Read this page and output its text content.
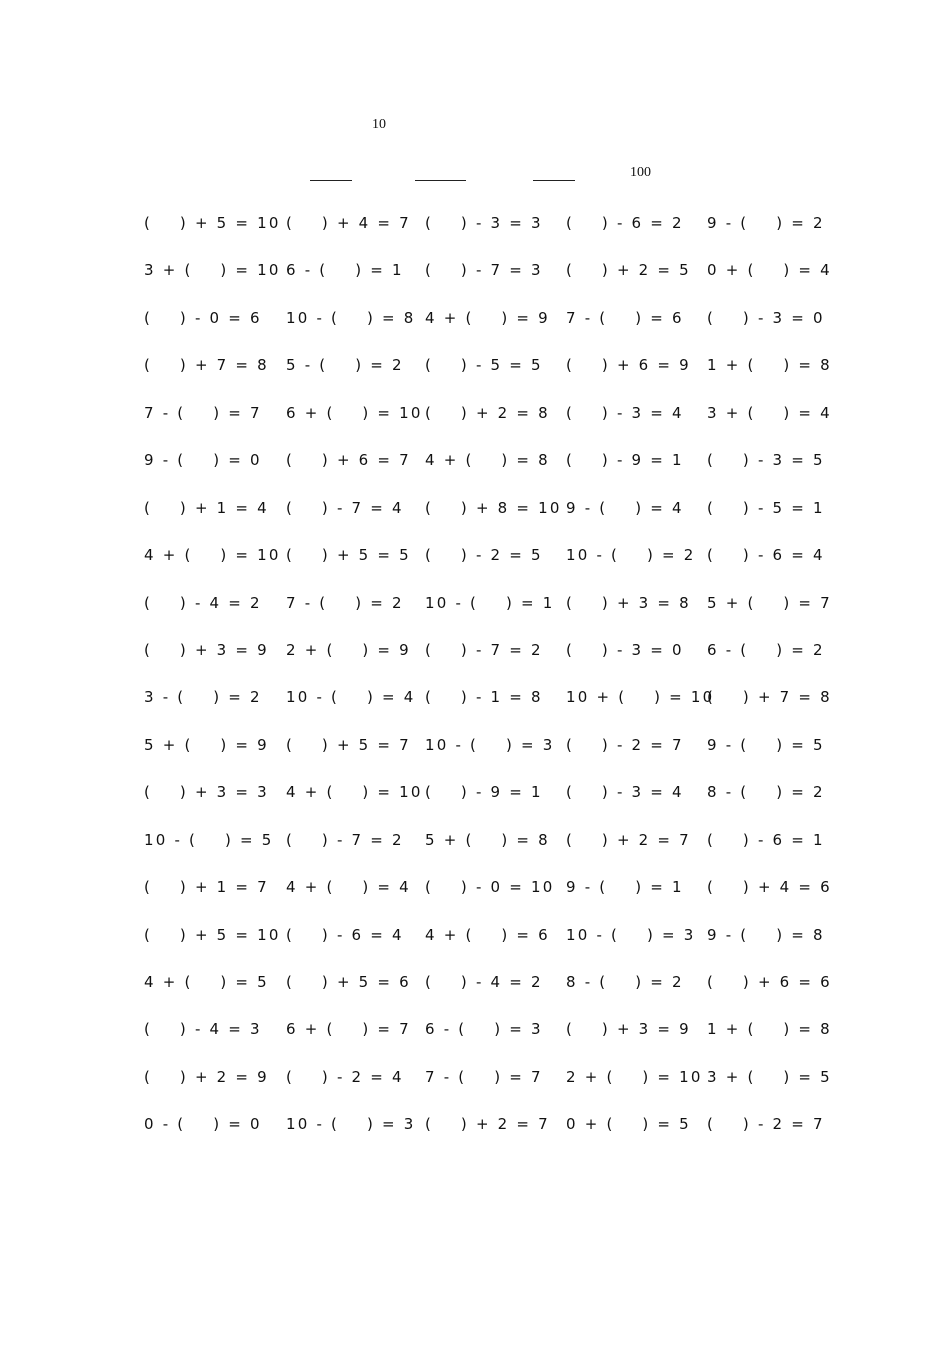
10
100
(    ) + 5 = 10 (    ) + 4 = 7 (    ) - 3 = 3 (    ) - 6 = 2 9 - (    ) = 2
3 + (    ) = 10 6 - (    ) = 1 (    ) - 7 = 3 (    ) + 2 = 5 0 + (    ) = 4
(    ) - 0 = 6 10 - (    ) = 8 4 + (    ) = 9 7 - (    ) = 6 (    ) - 3 = 0
(    ) + 7 = 8 5 - (    ) = 2 (    ) - 5 = 5 (    ) + 6 = 9 1 + (    ) = 8
7 - (    ) = 7 6 + (    ) = 10 (    ) + 2 = 8 (    ) - 3 = 4 3 + (    ) = 4
9 - (    ) = 0 (    ) + 6 = 7 4 + (    ) = 8 (    ) - 9 = 1 (    ) - 3 = 5
(    ) + 1 = 4 (    ) - 7 = 4 (    ) + 8 = 10 9 - (    ) = 4 (    ) - 5 = 1
4 + (    ) = 10 (    ) + 5 = 5 (    ) - 2 = 5 10 - (    ) = 2 (    ) - 6 = 4
(    ) - 4 = 2 7 - (    ) = 2 10 - (    ) = 1 (    ) + 3 = 8 5 + (    ) = 7
(    ) + 3 = 9 2 + (    ) = 9 (    ) - 7 = 2 (    ) - 3 = 0 6 - (    ) = 2
3 - (    ) = 2 10 - (    ) = 4 (    ) - 1 = 8 10 + (    ) = 10
(    ) + 7 = 8
5 + (    ) = 9 (    ) + 5 = 7 10 - (    ) = 3 (    ) - 2 = 7 9 - (    ) = 5
(    ) + 3 = 3 4 + (    ) = 10 (    ) - 9 = 1 (    ) - 3 = 4 8 - (    ) = 2
10 - (    ) = 5 (    ) - 7 = 2 5 + (    ) = 8 (    ) + 2 = 7 (    ) - 6 = 1
(    ) + 1 = 7 4 + (    ) = 4 (    ) - 0 = 10 9 - (    ) = 1 (    ) + 4 = 6
(    ) + 5 = 10 (    ) - 6 = 4 4 + (    ) = 6 10 - (    ) = 3 9 - (    ) = 8
4 + (    ) = 5 (    ) + 5 = 6 (    ) - 4 = 2 8 - (    ) = 2 (    ) + 6 = 6
(    ) - 4 = 3 6 + (    ) = 7 6 - (    ) = 3 (    ) + 3 = 9 1 + (    ) = 8
(    ) + 2 = 9 (    ) - 2 = 4 7 - (    ) = 7 2 + (    ) = 10 3 + (    ) = 5
0 - (    ) = 0 10 - (    ) = 3 (    ) + 2 = 7 0 + (    ) = 5 (    ) - 2 = 7
